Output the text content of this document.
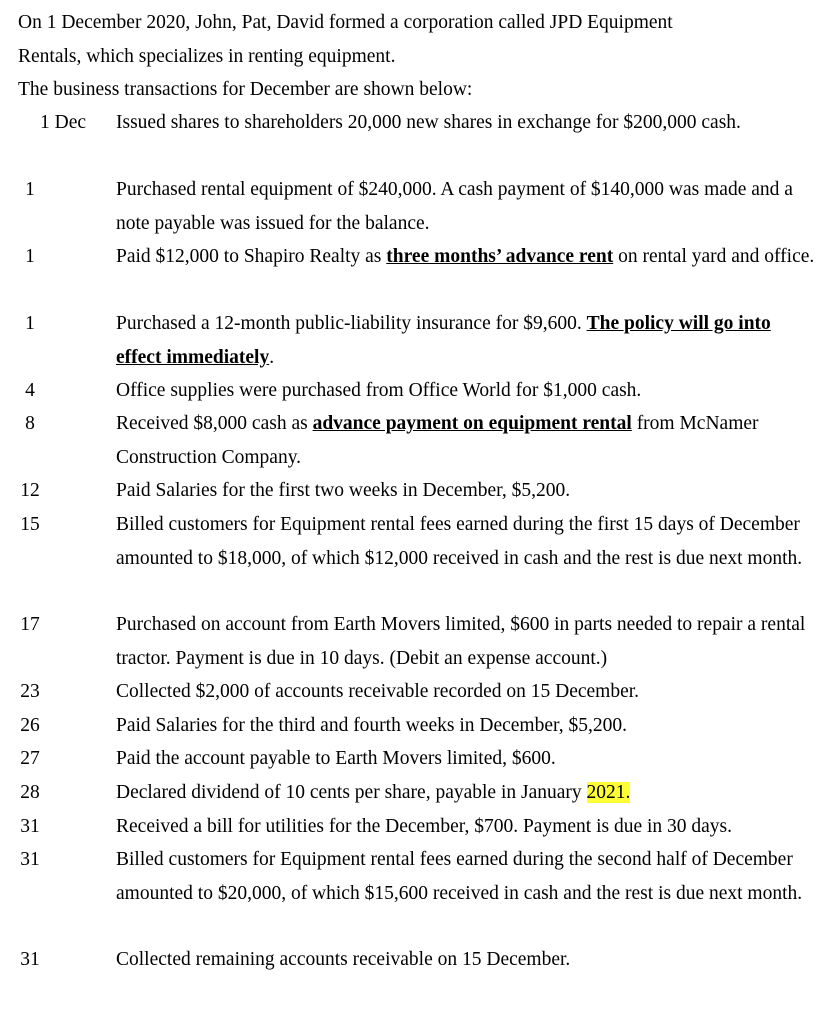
On 1 December 2020, John, Pat, David formed a corporation called JPD Equipment

Rentals, which specializes in renting equipment.

The business transactions for December are shown below:

1 Dec Issued shares to shareholders 20,000 new shares in exchange for $200,000 cash.
1	Purchased rental equipment of $240,000. A cash payment of $140,000 was made and a note payable was issued for the balance.
1	Paid $12,000 to Shapiro Realty as three months’ advance rent on rental yard and office.
1	Purchased a 12-month public-liability insurance for $9,600. The policy will go into effect immediately.
4	Office supplies were purchased from Office World for $1,000 cash.
8	Received $8,000 cash as advance payment on equipment rental from McNamer Construction Company.
12	Paid Salaries for the first two weeks in December, $5,200.
15	Billed customers for Equipment rental fees earned during the first 15 days of December amounted to $18,000, of which $12,000 received in cash and the rest is due next month.
17	Purchased on account from Earth Movers limited, $600 in parts needed to repair a rental tractor. Payment is due in 10 days. (Debit an expense account.)
23	Collected $2,000 of accounts receivable recorded on 15 December.
26	Paid Salaries for the third and fourth weeks in December, $5,200.
27	Paid the account payable to Earth Movers limited, $600.
28	Declared dividend of 10 cents per share, payable in January 2021.
31	Received a bill for utilities for the December, $700. Payment is due in 30 days.
31	Billed customers for Equipment rental fees earned during the second half of December amounted to $20,000, of which $15,600 received in cash and the rest is due next month.
31	Collected remaining accounts receivable on 15 December.
